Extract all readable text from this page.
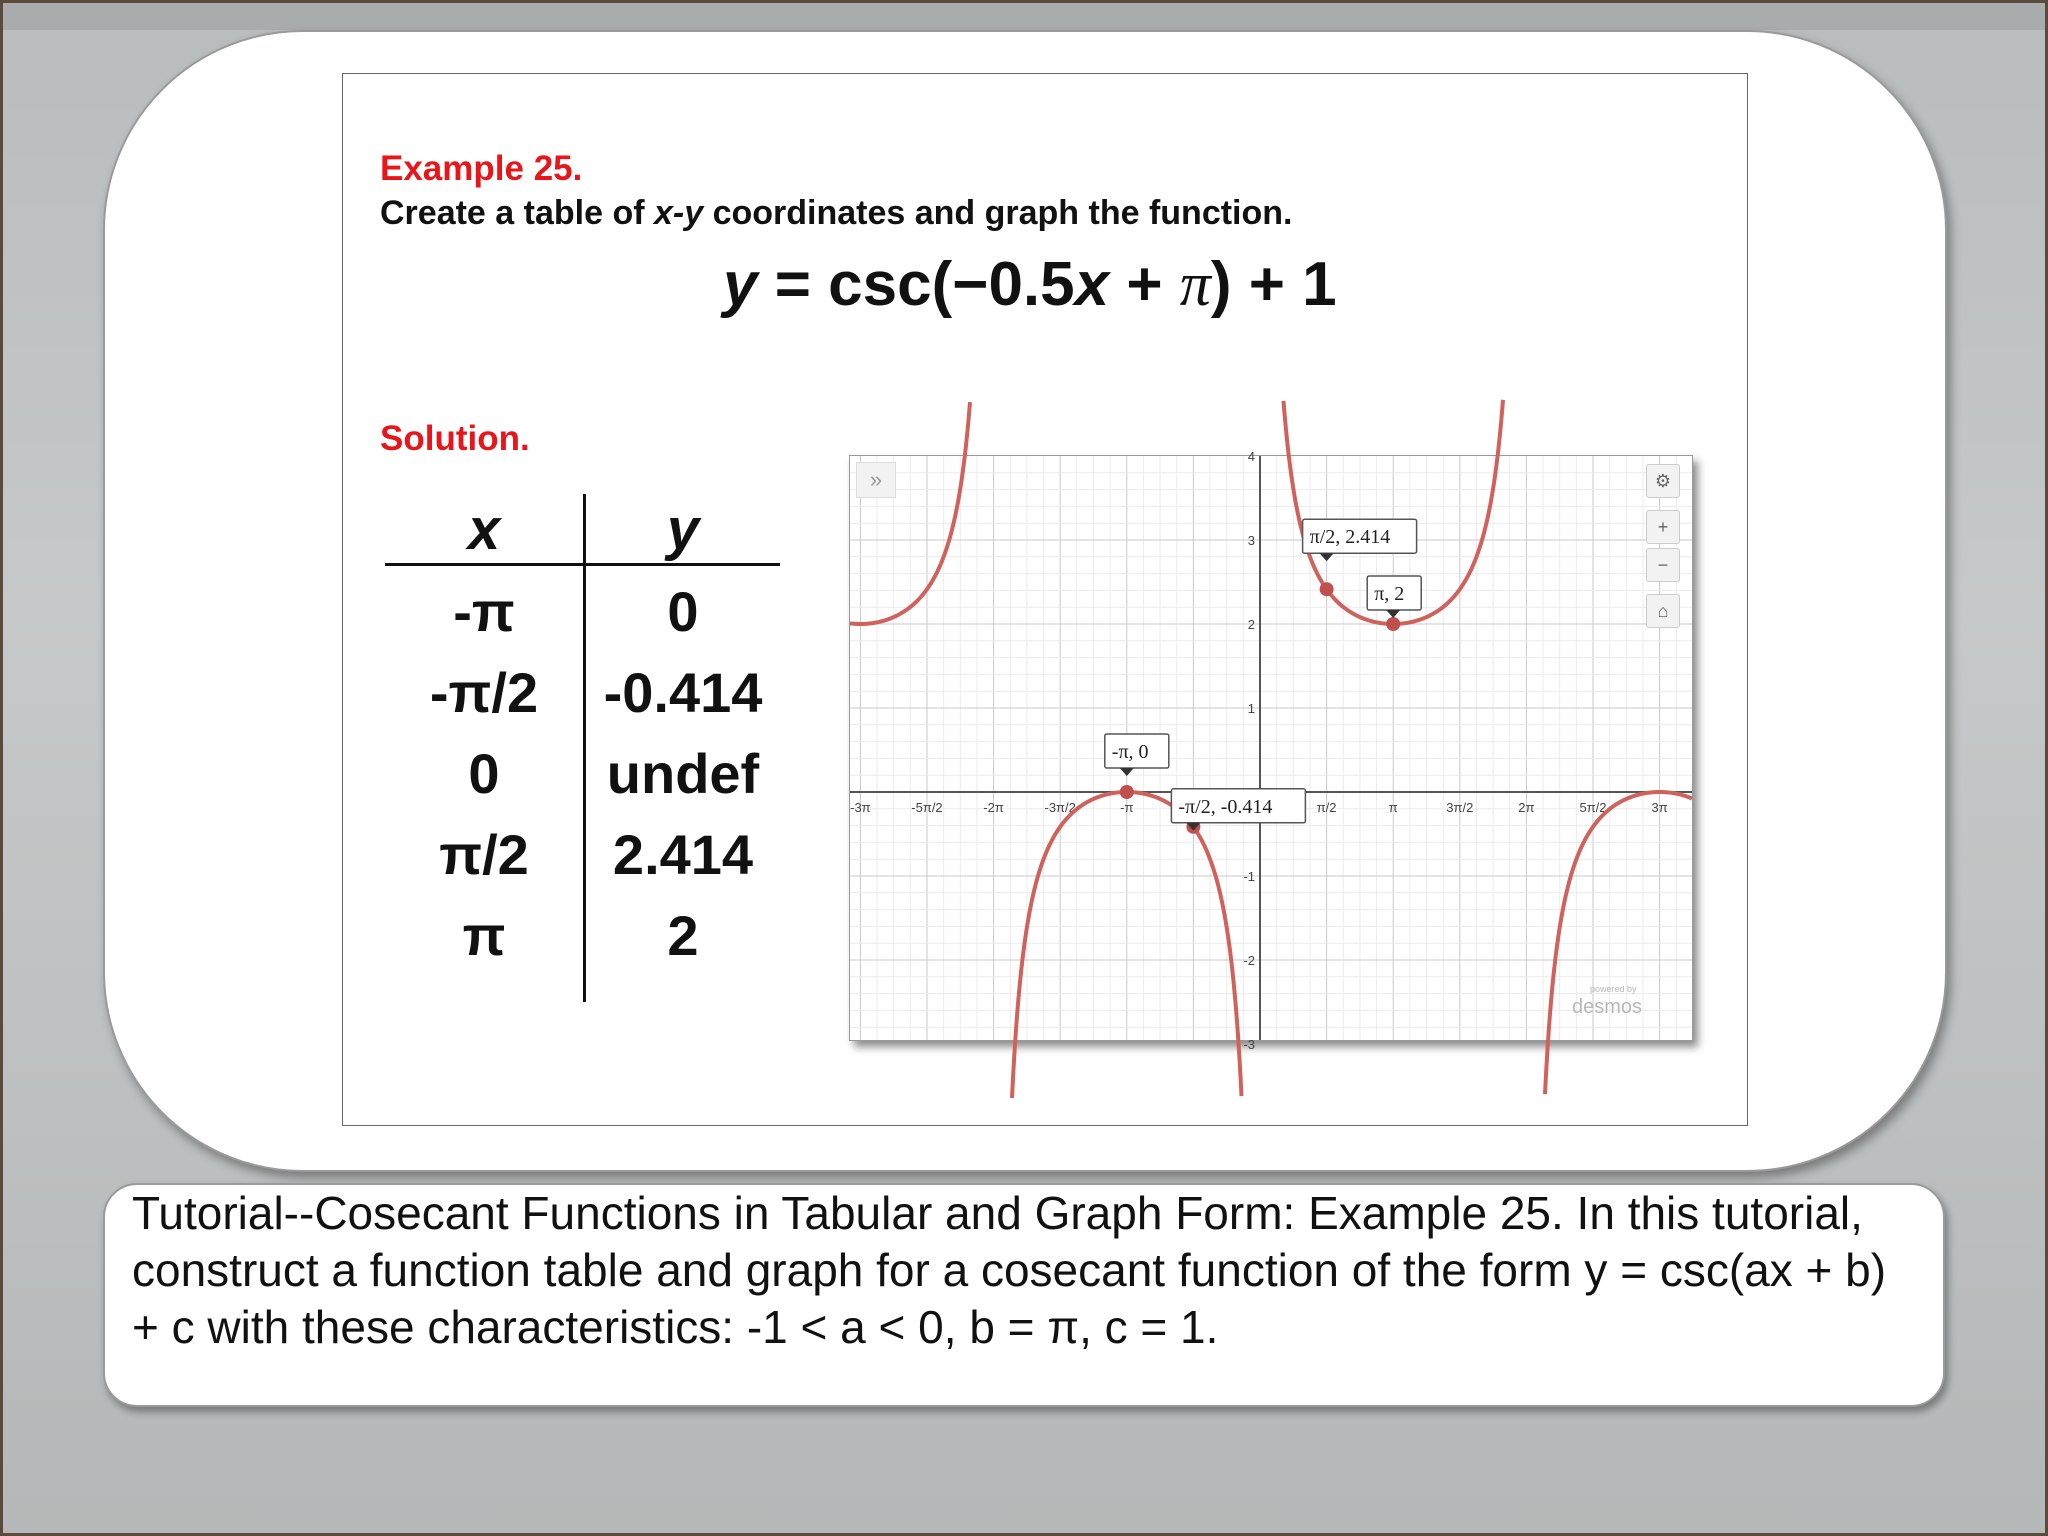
Example 25.
Create a table of x-y coordinates and graph the function.
y = csc(−0.5x + π) + 1
Solution.
x	y
-π	0
-π/2	-0.414
0	undef
π/2	2.414
π	2
-3π	-5π/2	-2π	-3π/2	-π	π/2	π	3π/2	2π	5π/2	3π
4
3
2
1
-1
-2
-3
-π, 0
-π/2, -0.414
π/2, 2.414
π, 2
»	⚙
+
−
⌂
powered by
desmos

Tutorial--Cosecant Functions in Tabular and Graph Form: Example 25. In this tutorial, construct a function table and graph for a cosecant function of the form y = csc(ax + b) + c with these characteristics: -1 < a < 0, b = π, c = 1.
